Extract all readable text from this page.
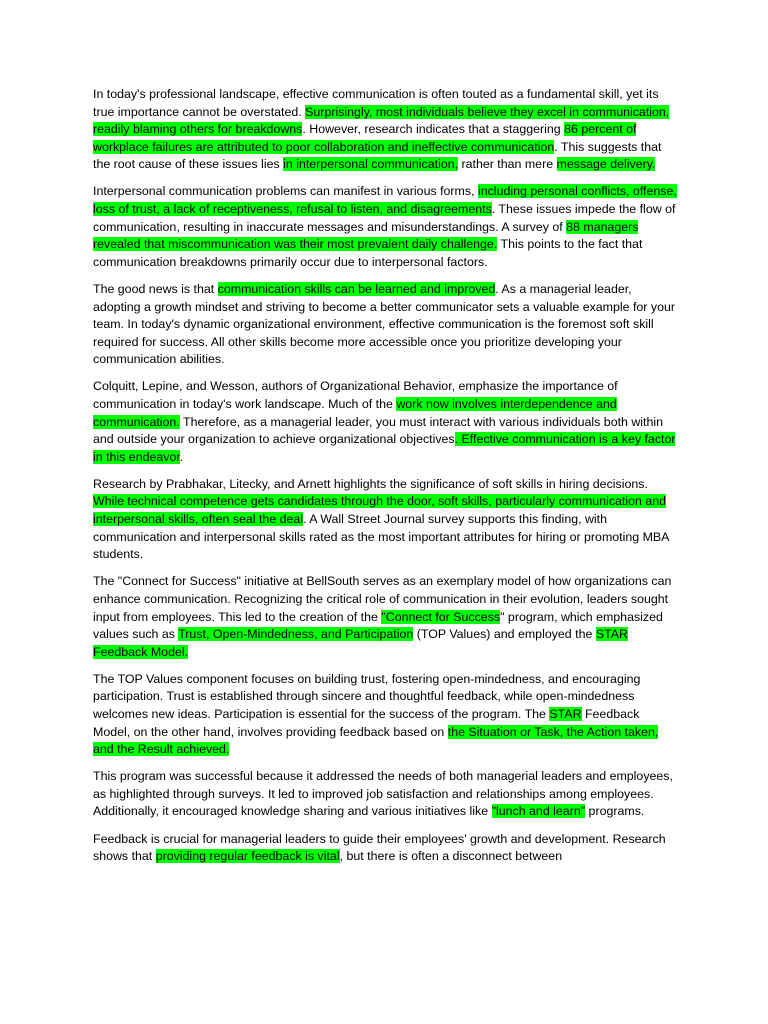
In today's professional landscape, effective communication is often touted as a fundamental skill, yet its true importance cannot be overstated. Surprisingly, most individuals believe they excel in communication, readily blaming others for breakdowns. However, research indicates that a staggering 86 percent of workplace failures are attributed to poor collaboration and ineffective communication. This suggests that the root cause of these issues lies in interpersonal communication, rather than mere message delivery.

Interpersonal communication problems can manifest in various forms, including personal conflicts, offense, loss of trust, a lack of receptiveness, refusal to listen, and disagreements. These issues impede the flow of communication, resulting in inaccurate messages and misunderstandings. A survey of 88 managers revealed that miscommunication was their most prevalent daily challenge. This points to the fact that communication breakdowns primarily occur due to interpersonal factors.

The good news is that communication skills can be learned and improved. As a managerial leader, adopting a growth mindset and striving to become a better communicator sets a valuable example for your team. In today's dynamic organizational environment, effective communication is the foremost soft skill required for success. All other skills become more accessible once you prioritize developing your communication abilities.

Colquitt, Lepine, and Wesson, authors of Organizational Behavior, emphasize the importance of communication in today's work landscape. Much of the work now involves interdependence and communication. Therefore, as a managerial leader, you must interact with various individuals both within and outside your organization to achieve organizational objectives. Effective communication is a key factor in this endeavor.

Research by Prabhakar, Litecky, and Arnett highlights the significance of soft skills in hiring decisions. While technical competence gets candidates through the door, soft skills, particularly communication and interpersonal skills, often seal the deal. A Wall Street Journal survey supports this finding, with communication and interpersonal skills rated as the most important attributes for hiring or promoting MBA students.

The "Connect for Success" initiative at BellSouth serves as an exemplary model of how organizations can enhance communication. Recognizing the critical role of communication in their evolution, leaders sought input from employees. This led to the creation of the "Connect for Success" program, which emphasized values such as Trust, Open-Mindedness, and Participation (TOP Values) and employed the STAR Feedback Model.

The TOP Values component focuses on building trust, fostering open-mindedness, and encouraging participation. Trust is established through sincere and thoughtful feedback, while open-mindedness welcomes new ideas. Participation is essential for the success of the program. The STAR Feedback Model, on the other hand, involves providing feedback based on the Situation or Task, the Action taken, and the Result achieved.

This program was successful because it addressed the needs of both managerial leaders and employees, as highlighted through surveys. It led to improved job satisfaction and relationships among employees. Additionally, it encouraged knowledge sharing and various initiatives like "lunch and learn" programs.

Feedback is crucial for managerial leaders to guide their employees' growth and development. Research shows that providing regular feedback is vital, but there is often a disconnect between
